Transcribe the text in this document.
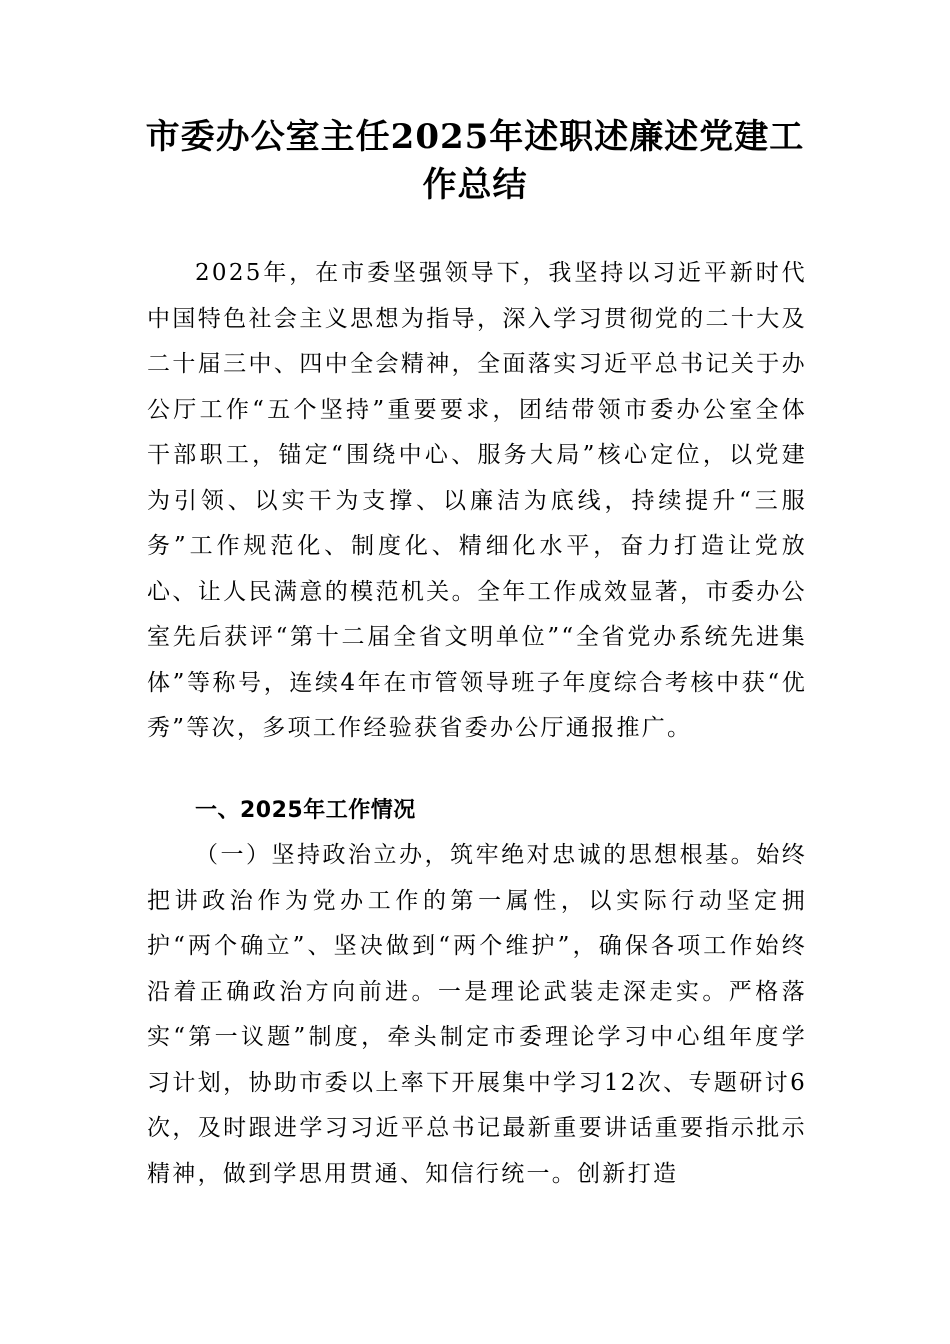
市委办公室主任2025年述职述廉述党建工作总结

2025年，在市委坚强领导下，我坚持以习近平新时代中国特色社会主义思想为指导，深入学习贯彻党的二十大及二十届三中、四中全会精神，全面落实习近平总书记关于办公厅工作“五个坚持”重要要求，团结带领市委办公室全体干部职工，锚定“围绕中心、服务大局”核心定位，以党建为引领、以实干为支撑、以廉洁为底线，持续提升“三服务”工作规范化、制度化、精细化水平，奋力打造让党放心、让人民满意的模范机关。全年工作成效显著，市委办公室先后获评“第十二届全省文明单位”“全省党办系统先进集体”等称号，连续4年在市管领导班子年度综合考核中获“优秀”等次，多项工作经验获省委办公厅通报推广。

一、2025年工作情况

（一）坚持政治立办，筑牢绝对忠诚的思想根基。始终把讲政治作为党办工作的第一属性，以实际行动坚定拥护“两个确立”、坚决做到“两个维护”，确保各项工作始终沿着正确政治方向前进。一是理论武装走深走实。严格落实“第一议题”制度，牵头制定市委理论学习中心组年度学习计划，协助市委以上率下开展集中学习12次、专题研讨6次，及时跟进学习习近平总书记最新重要讲话重要指示批示精神，做到学思用贯通、知信行统一。创新打造
